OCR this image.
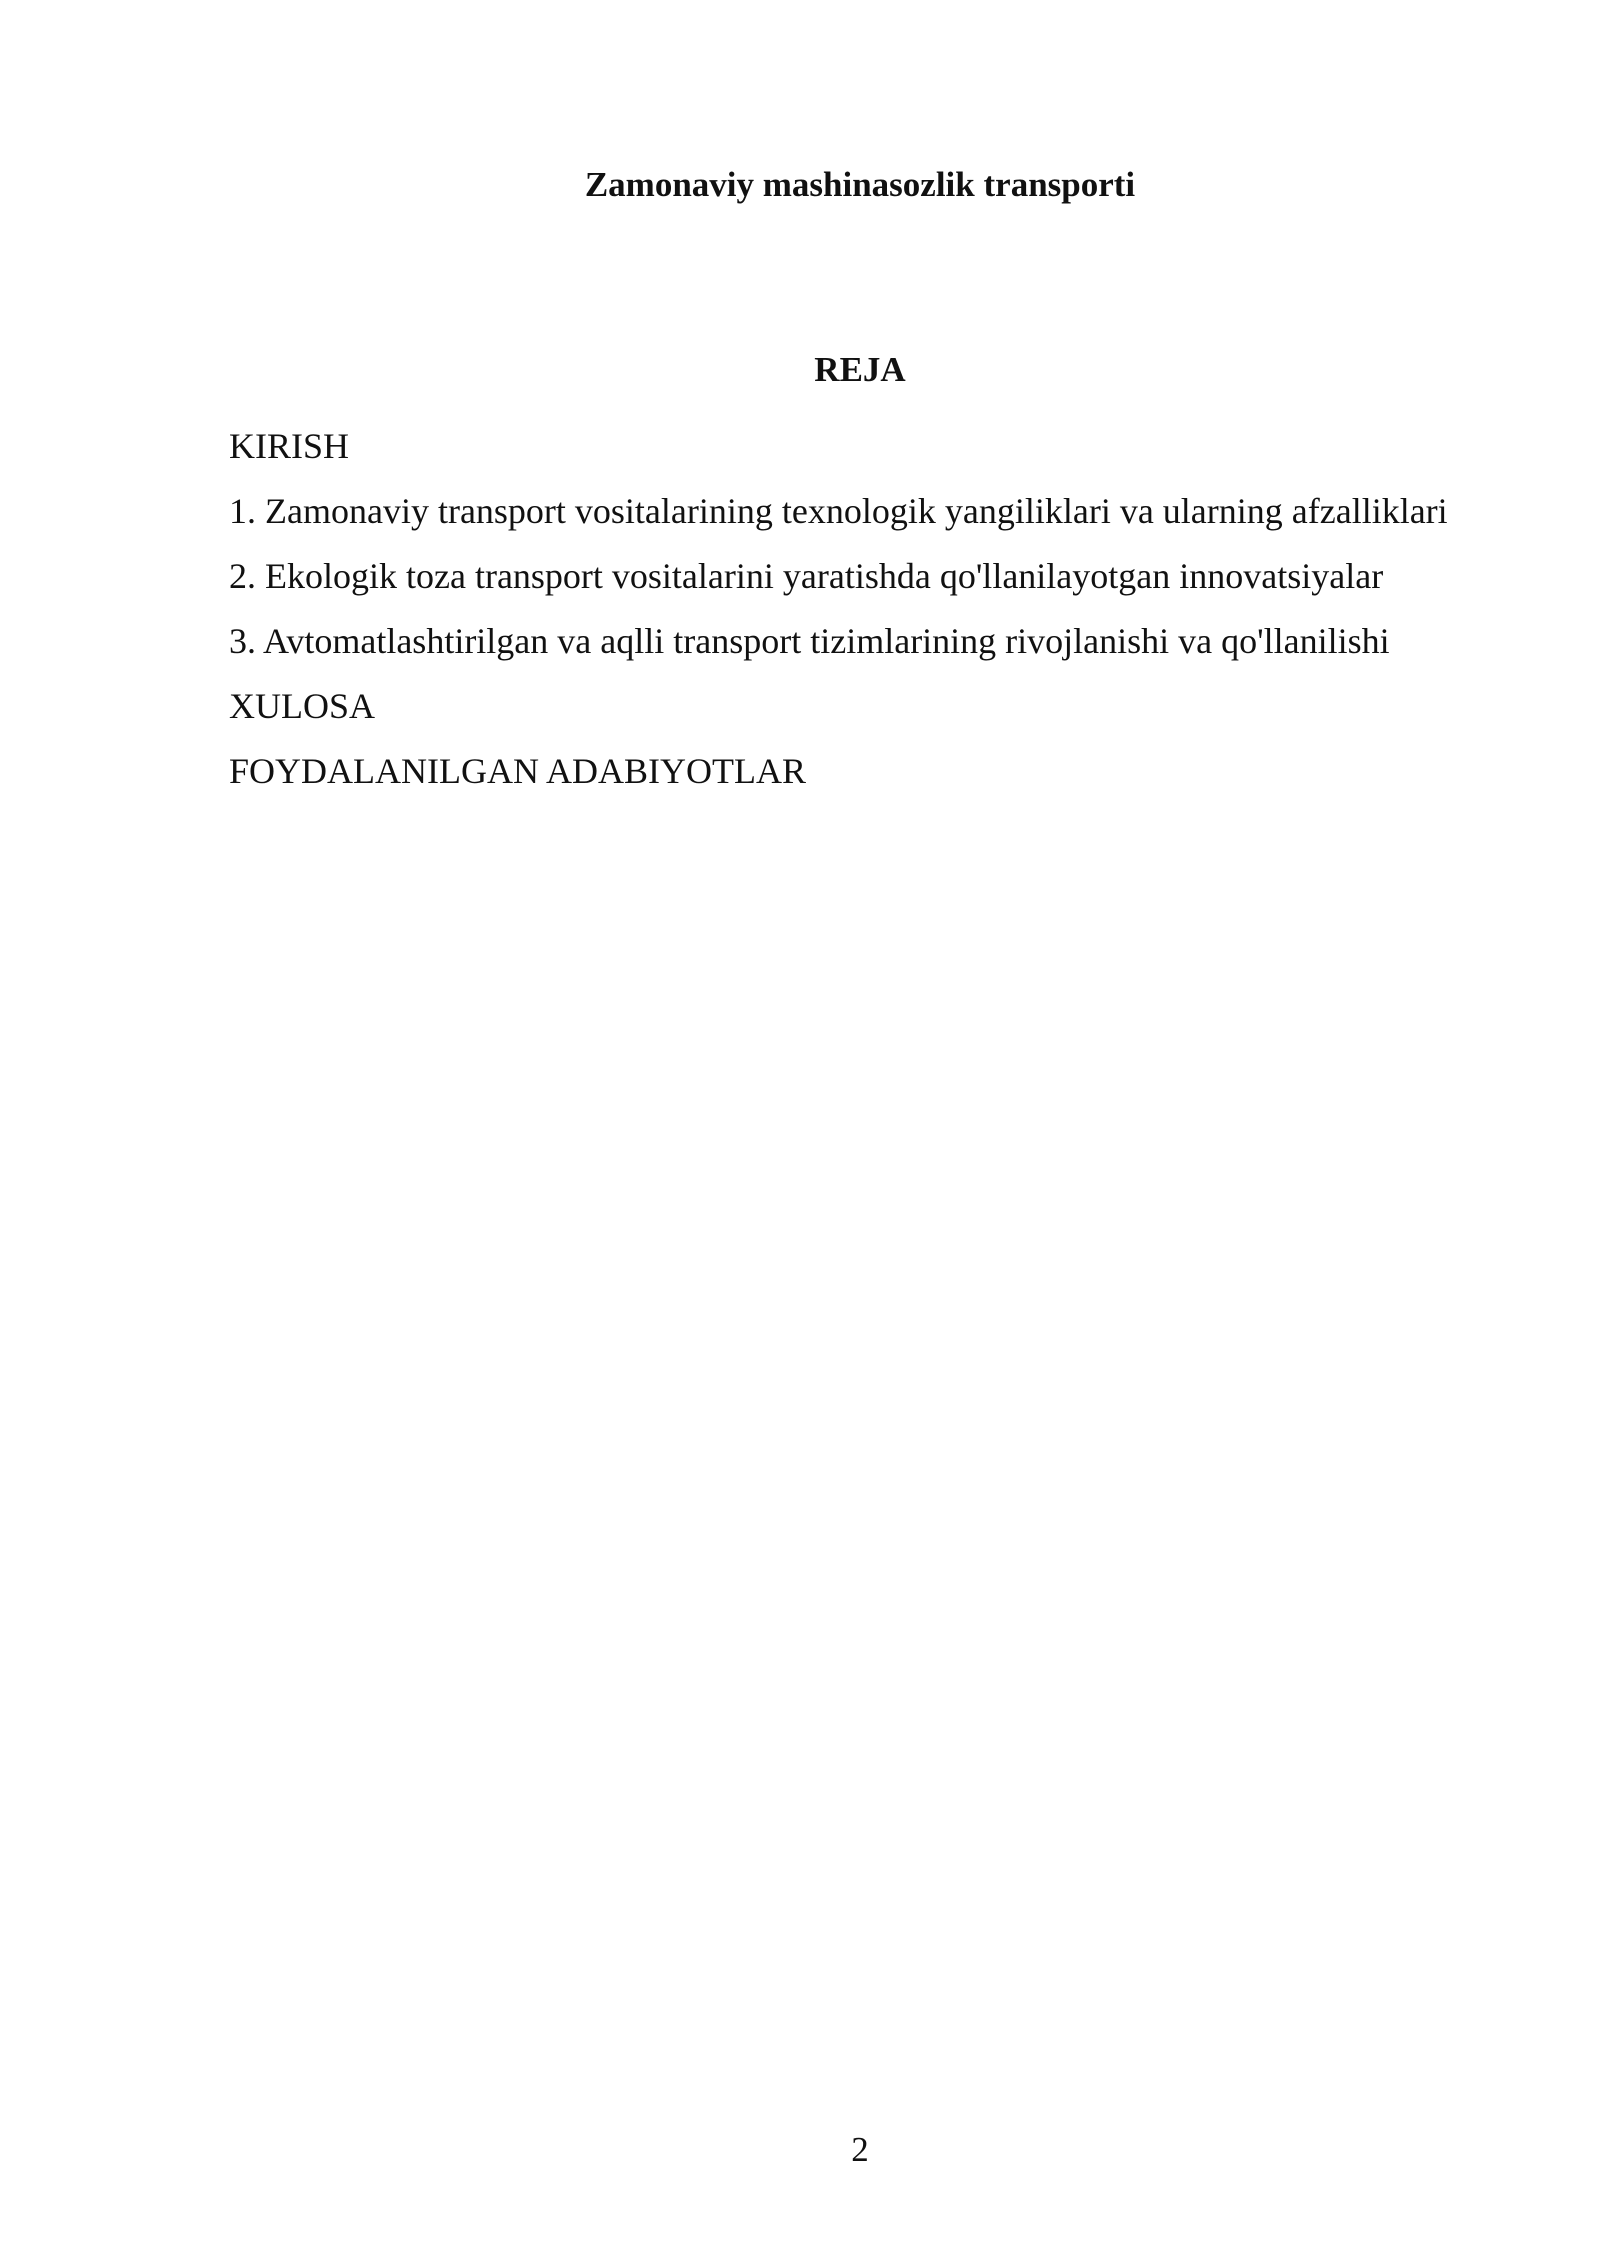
Zamonaviy mashinasozlik transporti
REJA
KIRISH
1. Zamonaviy transport vositalarining texnologik yangiliklari va ularning afzalliklari
2. Ekologik toza transport vositalarini yaratishda qo'llanilayotgan innovatsiyalar
3. Avtomatlashtirilgan va aqlli transport tizimlarining rivojlanishi va qo'llanilishi
XULOSA
FOYDALANILGAN ADABIYOTLAR
2
